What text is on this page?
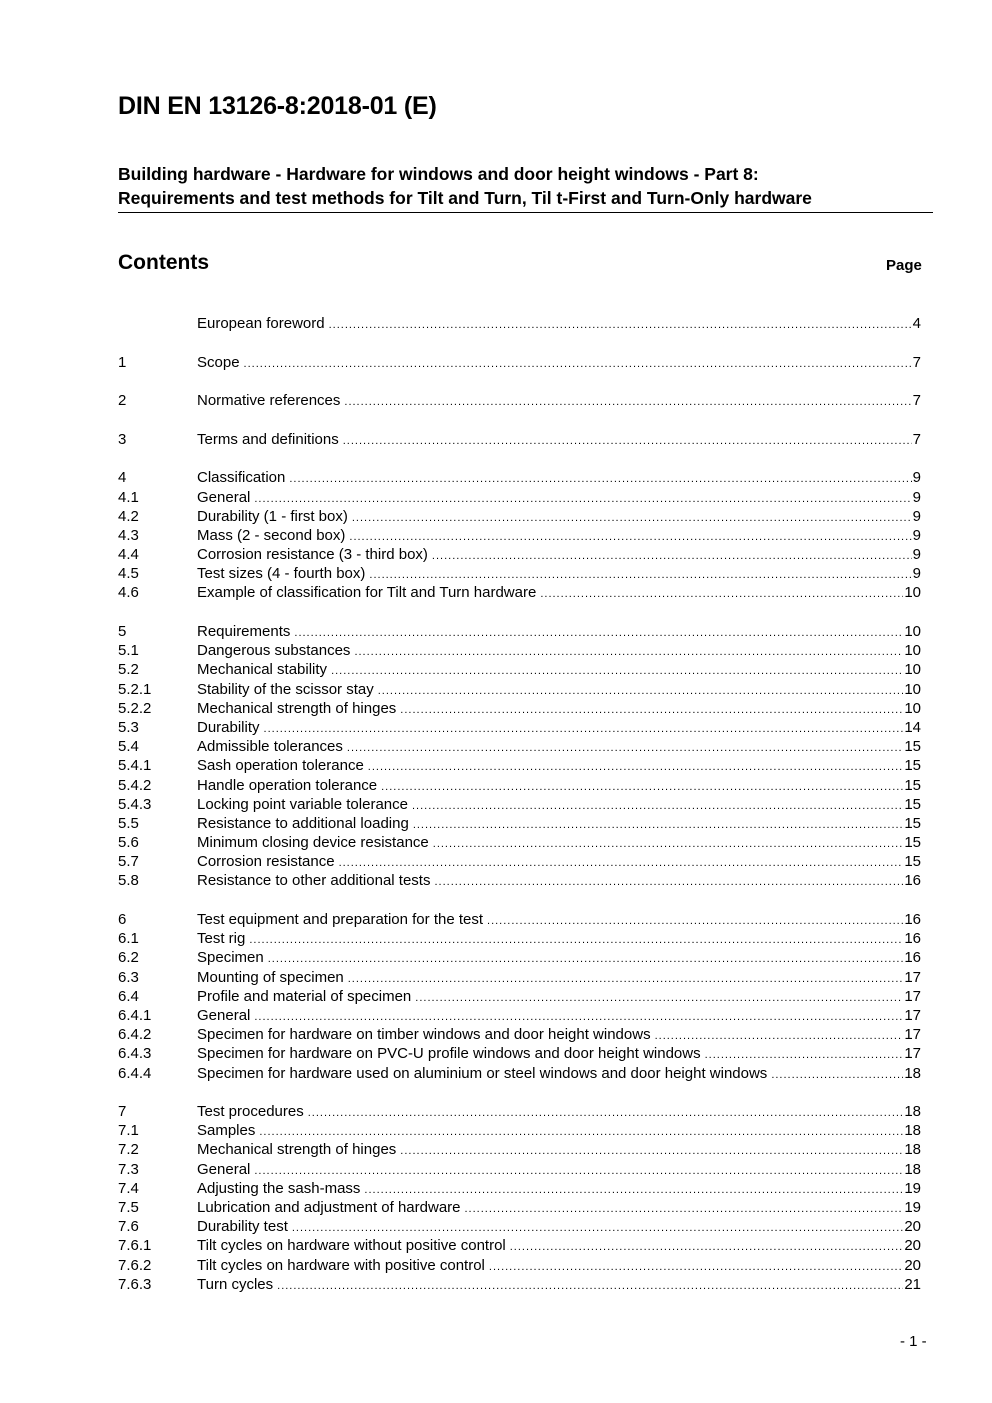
DIN EN 13126-8:2018-01 (E)
Building hardware - Hardware for windows and door height windows - Part 8:
Requirements and test methods for Tilt and Turn, Til t-First and Turn-Only hardware
Contents	Page
European foreword .....	4
1	Scope .....	7
2	Normative references .....	7
3	Terms and definitions .....	7
4	Classification .....	9
4.1	General .....	9
4.2	Durability (1 - first box) .....	9
4.3	Mass (2 - second box) .....	9
4.4	Corrosion resistance (3 - third box) .....	9
4.5	Test sizes (4 - fourth box) .....	9
4.6	Example of classification for Tilt and Turn hardware .....	10
5	Requirements .....	10
5.1	Dangerous substances .....	10
5.2	Mechanical stability .....	10
5.2.1	Stability of the scissor stay .....	10
5.2.2	Mechanical strength of hinges .....	10
5.3	Durability .....	14
5.4	Admissible tolerances .....	15
5.4.1	Sash operation tolerance .....	15
5.4.2	Handle operation tolerance .....	15
5.4.3	Locking point variable tolerance .....	15
5.5	Resistance to additional loading .....	15
5.6	Minimum closing device resistance .....	15
5.7	Corrosion resistance .....	15
5.8	Resistance to other additional tests .....	16
6	Test equipment and preparation for the test .....	16
6.1	Test rig .....	16
6.2	Specimen .....	16
6.3	Mounting of specimen .....	17
6.4	Profile and material of specimen .....	17
6.4.1	General .....	17
6.4.2	Specimen for hardware on timber windows and door height windows .....	17
6.4.3	Specimen for hardware on PVC-U profile windows and door height windows .....	17
6.4.4	Specimen for hardware used on aluminium or steel windows and door height windows .....	18
7	Test procedures .....	18
7.1	Samples .....	18
7.2	Mechanical strength of hinges .....	18
7.3	General .....	18
7.4	Adjusting the sash-mass .....	19
7.5	Lubrication and adjustment of hardware .....	19
7.6	Durability test .....	20
7.6.1	Tilt cycles on hardware without positive control .....	20
7.6.2	Tilt cycles on hardware with positive control .....	20
7.6.3	Turn cycles .....	21
- 1 -
